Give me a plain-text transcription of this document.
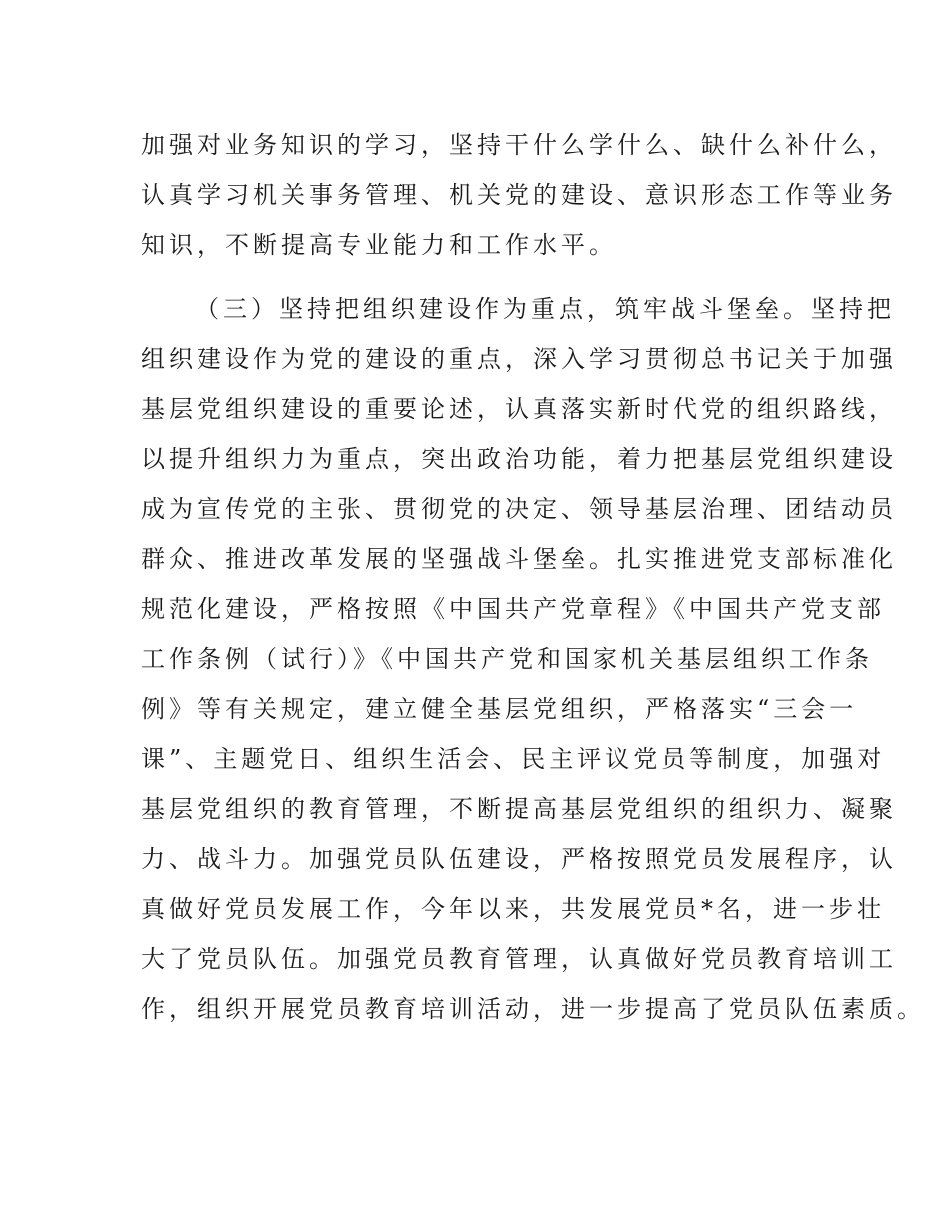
加强对业务知识的学习，坚持干什么学什么、缺什么补什么，
认真学习机关事务管理、机关党的建设、意识形态工作等业务
知识，不断提高专业能力和工作水平。
（三）坚持把组织建设作为重点，筑牢战斗堡垒。坚持把
组织建设作为党的建设的重点，深入学习贯彻总书记关于加强
基层党组织建设的重要论述，认真落实新时代党的组织路线，
以提升组织力为重点，突出政治功能，着力把基层党组织建设
成为宣传党的主张、贯彻党的决定、领导基层治理、团结动员
群众、推进改革发展的坚强战斗堡垒。扎实推进党支部标准化
规范化建设，严格按照《中国共产党章程》《中国共产党支部
工作条例（试行）》《中国共产党和国家机关基层组织工作条
例》等有关规定，建立健全基层党组织，严格落实“三会一
课”、主题党日、组织生活会、民主评议党员等制度，加强对
基层党组织的教育管理，不断提高基层党组织的组织力、凝聚
力、战斗力。加强党员队伍建设，严格按照党员发展程序，认
真做好党员发展工作，今年以来，共发展党员*名，进一步壮
大了党员队伍。加强党员教育管理，认真做好党员教育培训工
作，组织开展党员教育培训活动，进一步提高了党员队伍素质。
